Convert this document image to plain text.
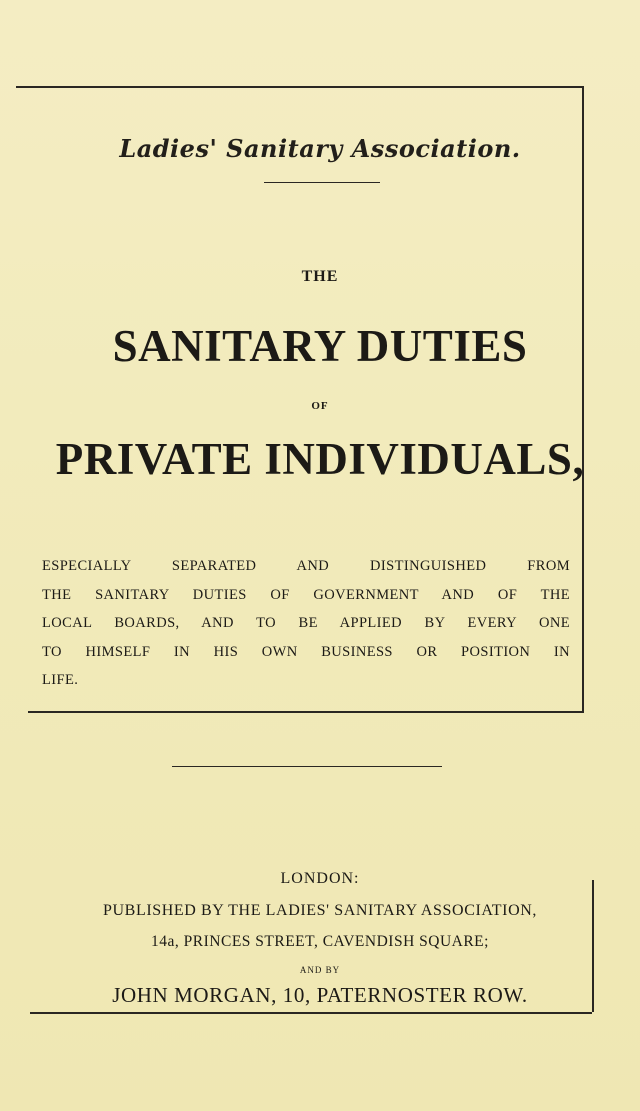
Ladies' Sanitary Association.
THE
SANITARY DUTIES
OF
PRIVATE INDIVIDUALS,
ESPECIALLY SEPARATED AND DISTINGUISHED FROM
THE SANITARY DUTIES OF GOVERNMENT AND OF THE
LOCAL BOARDS, AND TO BE APPLIED BY EVERY ONE
TO HIMSELF IN HIS OWN BUSINESS OR POSITION IN
LIFE.
LONDON:
PUBLISHED BY THE LADIES' SANITARY ASSOCIATION,
14a, PRINCES STREET, CAVENDISH SQUARE;
AND BY
JOHN MORGAN, 10, PATERNOSTER ROW.
